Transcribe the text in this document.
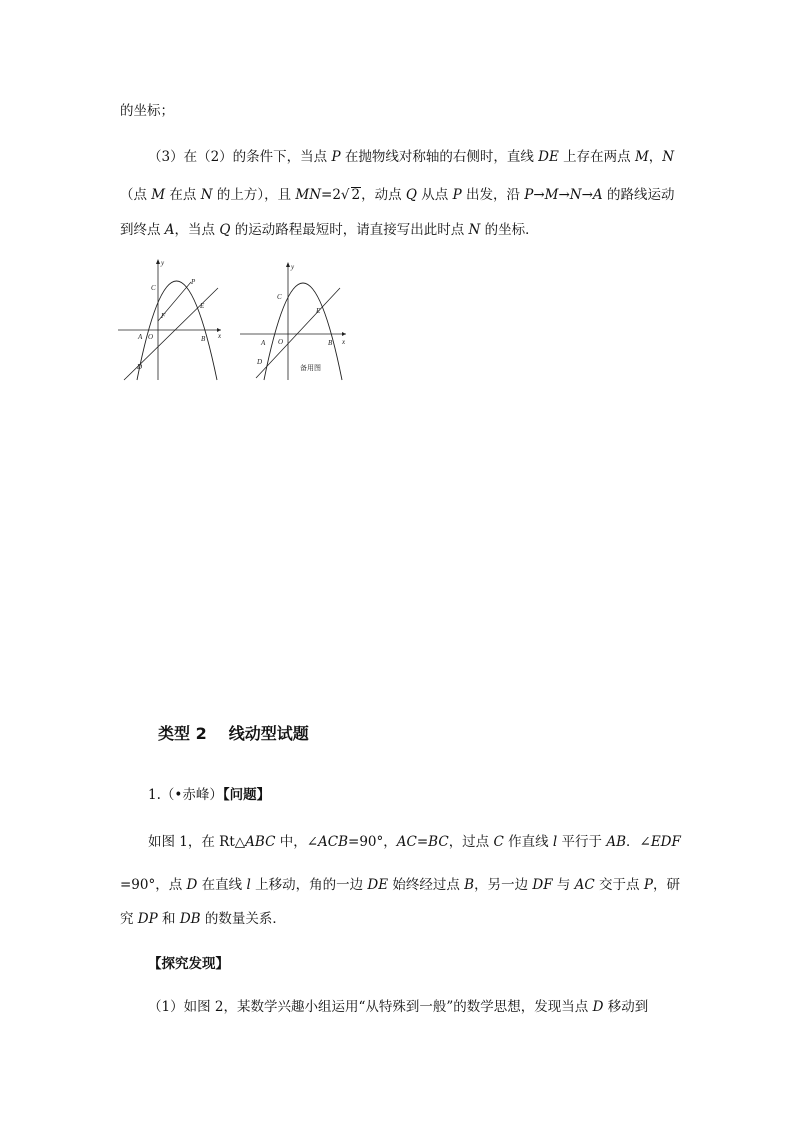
的坐标；
（3）在（2）的条件下，当点 P 在抛物线对称轴的右侧时，直线 DE 上存在两点 M，N
（点 M 在点 N 的上方），且 MN=2√ 2，动点 Q 从点 P 出发，沿 P→M→N→A 的路线运动
到终点 A，当点 Q 的运动路程最短时，请直接写出此时点 N 的坐标．
y
x
C
P
E
F
A O	B
D
y
x
C
E
A O	B
D
备用图
类型 2 线动型试题
1.（•赤峰）【问题】
如图 1，在 Rt△ABC 中，∠ACB=90°，AC=BC，过点 C 作直线 l 平行于 AB．∠EDF
=90°，点 D 在直线 l 上移动，角的一边 DE 始终经过点 B，另一边 DF 与 AC 交于点 P，研
究 DP 和 DB 的数量关系．
【探究发现】
（1）如图 2，某数学兴趣小组运用“从特殊到一般”的数学思想，发现当点 D 移动到
